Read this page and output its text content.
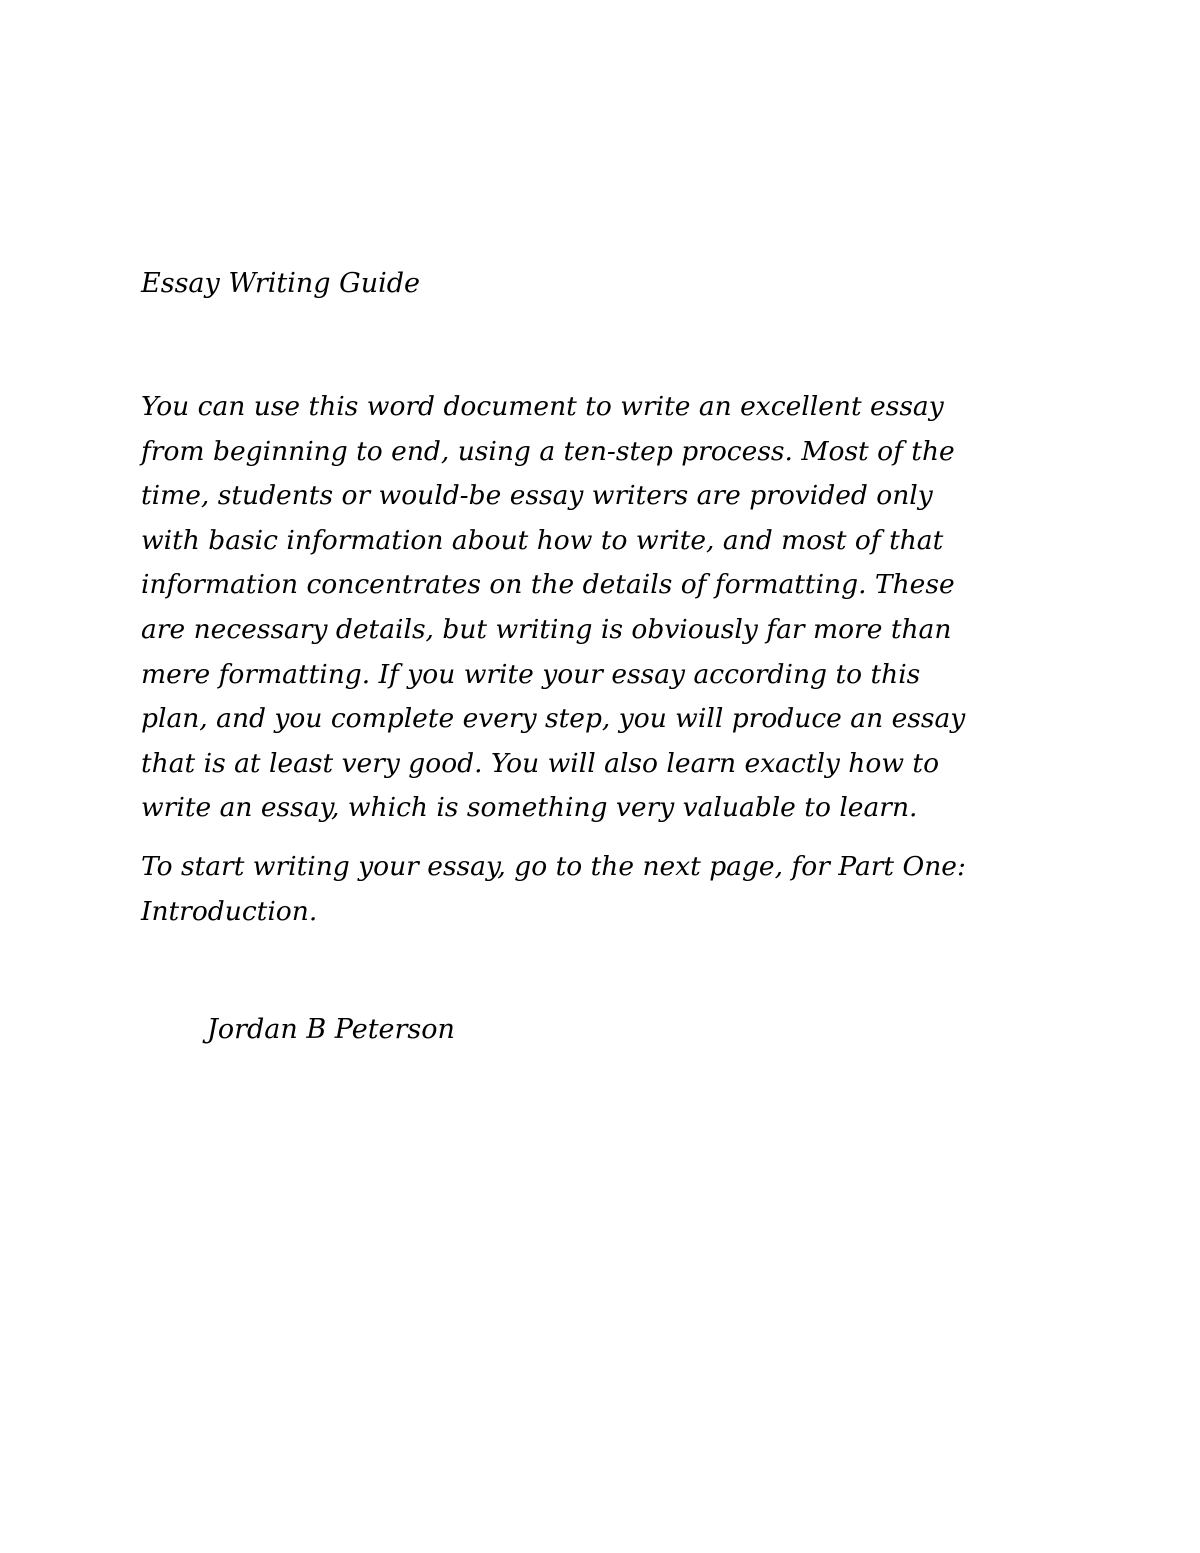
Essay Writing Guide

You can use this word document to write an excellent essay
from beginning to end, using a ten-step process. Most of the
time, students or would-be essay writers are provided only
with basic information about how to write, and most of that
information concentrates on the details of formatting. These
are necessary details, but writing is obviously far more than
mere formatting. If you write your essay according to this
plan, and you complete every step, you will produce an essay
that is at least very good. You will also learn exactly how to
write an essay, which is something very valuable to learn.

To start writing your essay, go to the next page, for Part One:
Introduction.

Jordan B Peterson
